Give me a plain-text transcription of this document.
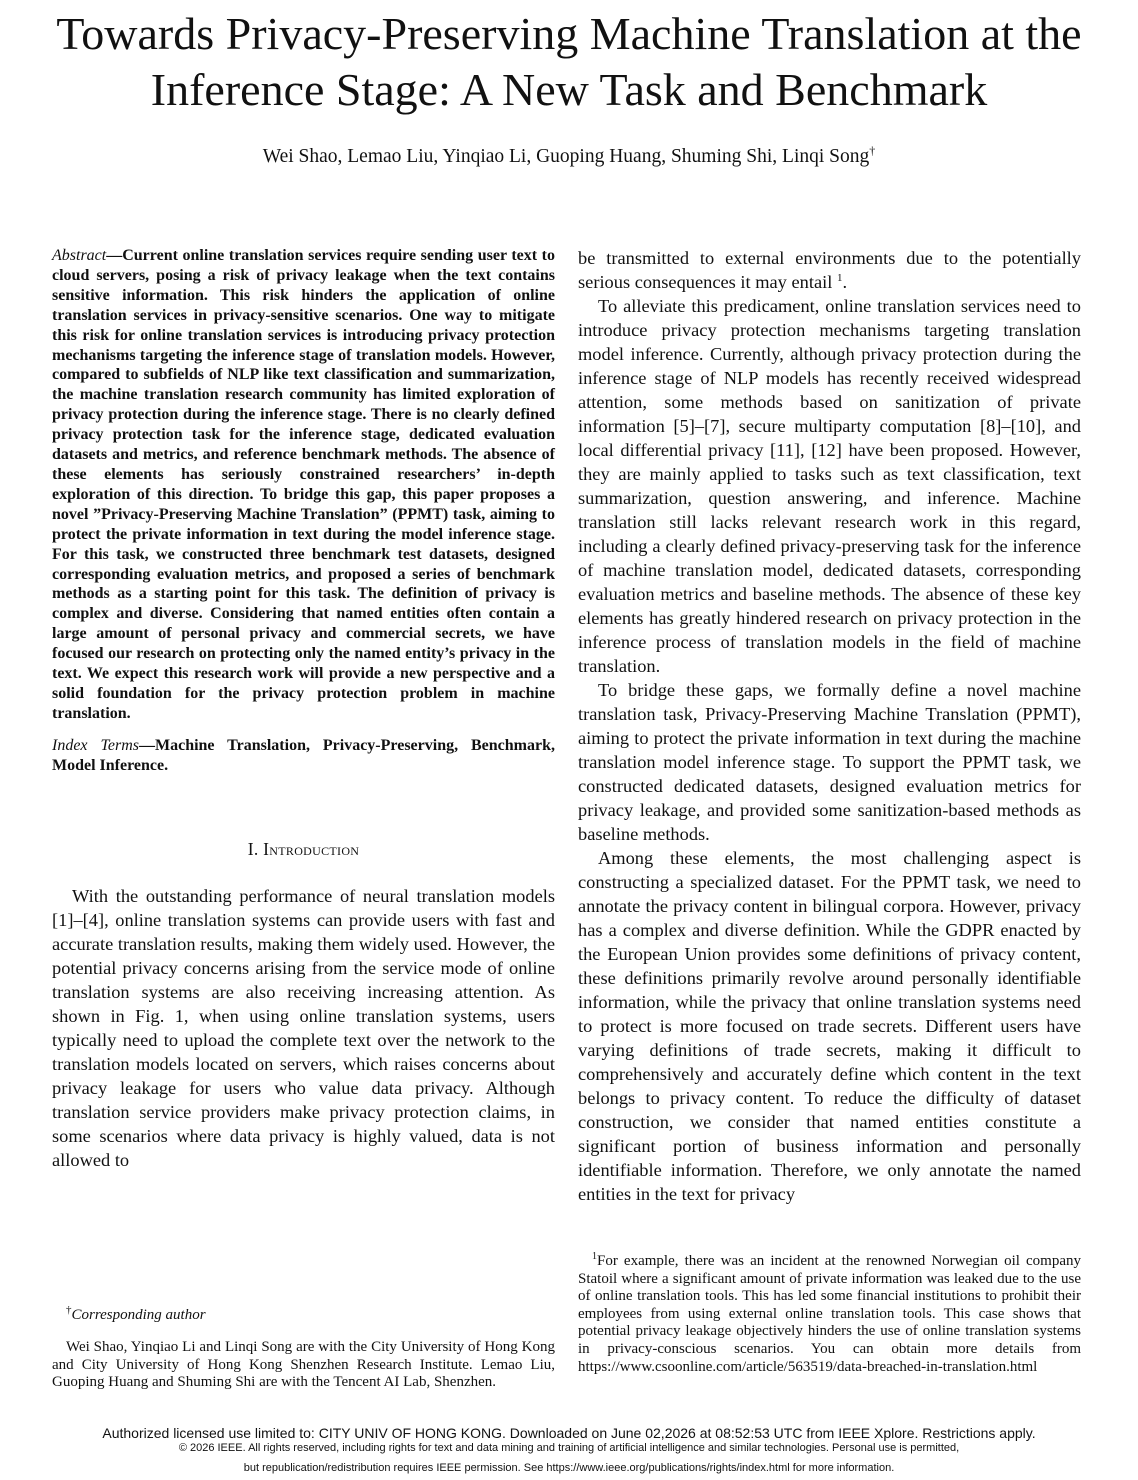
Towards Privacy-Preserving Machine Translation at the Inference Stage: A New Task and Benchmark
Wei Shao, Lemao Liu, Yinqiao Li, Guoping Huang, Shuming Shi, Linqi Song†

Abstract—Current online translation services require sending user text to cloud servers, posing a risk of privacy leakage when the text contains sensitive information. This risk hinders the application of online translation services in privacy-sensitive scenarios. One way to mitigate this risk for online translation services is introducing privacy protection mechanisms targeting the inference stage of translation models. However, compared to subfields of NLP like text classification and summarization, the machine translation research community has limited exploration of privacy protection during the inference stage. There is no clearly defined privacy protection task for the inference stage, dedicated evaluation datasets and metrics, and reference benchmark methods. The absence of these elements has seriously constrained researchers’ in-depth exploration of this direction. To bridge this gap, this paper proposes a novel ”Privacy-Preserving Machine Translation” (PPMT) task, aiming to protect the private information in text during the model inference stage. For this task, we constructed three benchmark test datasets, designed corresponding evaluation metrics, and proposed a series of benchmark methods as a starting point for this task. The definition of privacy is complex and diverse. Considering that named entities often contain a large amount of personal privacy and commercial secrets, we have focused our research on protecting only the named entity’s privacy in the text. We expect this research work will provide a new perspective and a solid foundation for the privacy protection problem in machine translation.

Index Terms—Machine Translation, Privacy-Preserving, Benchmark, Model Inference.

I. Introduction

With the outstanding performance of neural translation models [1]–[4], online translation systems can provide users with fast and accurate translation results, making them widely used. However, the potential privacy concerns arising from the service mode of online translation systems are also receiving increasing attention. As shown in Fig. 1, when using online translation systems, users typically need to upload the complete text over the network to the translation models located on servers, which raises concerns about privacy leakage for users who value data privacy. Although translation service providers make privacy protection claims, in some scenarios where data privacy is highly valued, data is not allowed to

be transmitted to external environments due to the potentially serious consequences it may entail $^1$.

To alleviate this predicament, online translation services need to introduce privacy protection mechanisms targeting translation model inference. Currently, although privacy protection during the inference stage of NLP models has recently received widespread attention, some methods based on sanitization of private information [5]–[7], secure multiparty computation [8]–[10], and local differential privacy [11], [12] have been proposed. However, they are mainly applied to tasks such as text classification, text summarization, question answering, and inference. Machine translation still lacks relevant research work in this regard, including a clearly defined privacy-preserving task for the inference of machine translation model, dedicated datasets, corresponding evaluation metrics and baseline methods. The absence of these key elements has greatly hindered research on privacy protection in the inference process of translation models in the field of machine translation.

To bridge these gaps, we formally define a novel machine translation task, Privacy-Preserving Machine Translation (PPMT), aiming to protect the private information in text during the machine translation model inference stage. To support the PPMT task, we constructed dedicated datasets, designed evaluation metrics for privacy leakage, and provided some sanitization-based methods as baseline methods.

Among these elements, the most challenging aspect is constructing a specialized dataset. For the PPMT task, we need to annotate the privacy content in bilingual corpora. However, privacy has a complex and diverse definition. While the GDPR enacted by the European Union provides some definitions of privacy content, these definitions primarily revolve around personally identifiable information, while the privacy that online translation systems need to protect is more focused on trade secrets. Different users have varying definitions of trade secrets, making it difficult to comprehensively and accurately define which content in the text belongs to privacy content. To reduce the difficulty of dataset construction, we consider that named entities constitute a significant portion of business information and personally identifiable information. Therefore, we only annotate the named entities in the text for privacy

†Corresponding author
Wei Shao, Yinqiao Li and Linqi Song are with the City University of Hong Kong and City University of Hong Kong Shenzhen Research Institute. Lemao Liu, Guoping Huang and Shuming Shi are with the Tencent AI Lab, Shenzhen.
$^1$For example, there was an incident at the renowned Norwegian oil company Statoil where a significant amount of private information was leaked due to the use of online translation tools. This has led some financial institutions to prohibit their employees from using external online translation tools. This case shows that potential privacy leakage objectively hinders the use of online translation systems in privacy-conscious scenarios. You can obtain more details from https://www.csoonline.com/article/563519/data-breached-in-translation.html
Authorized licensed use limited to: CITY UNIV OF HONG KONG. Downloaded on June 02,2026 at 08:52:53 UTC from IEEE Xplore. Restrictions apply.
© 2026 IEEE. All rights reserved, including rights for text and data mining and training of artificial intelligence and similar technologies. Personal use is permitted,
but republication/redistribution requires IEEE permission. See https://www.ieee.org/publications/rights/index.html for more information.
